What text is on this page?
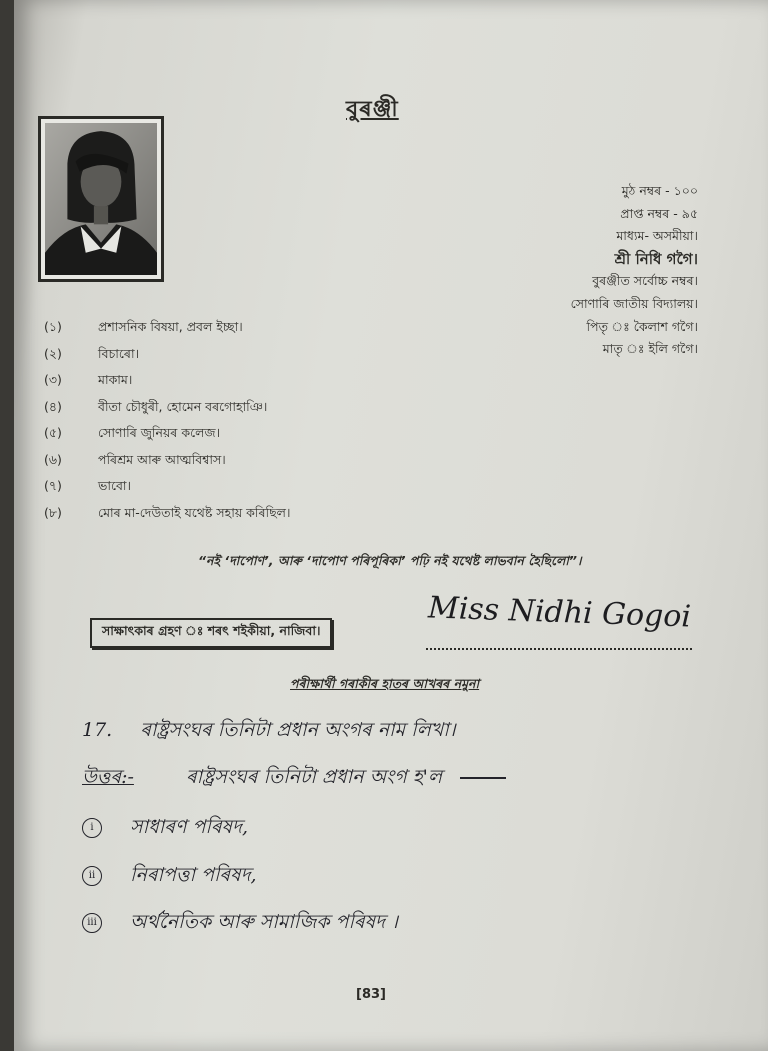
বুৰঞ্জী
মুঠ নম্বৰ - ১০০
প্ৰাপ্ত নম্বৰ - ৯৫
মাধ্যম- অসমীয়া।
শ্ৰী নিধি গগৈ।
বুৰঞ্জীত সৰ্বোচ্চ নম্বৰ।
সোণাৰি জাতীয় বিদ্যালয়।
পিতৃ ঃ কৈলাশ গগৈ।
মাতৃ ঃ ইলি গগৈ।
(১)	প্ৰশাসনিক বিষয়া, প্ৰবল ইচ্ছা।
(২)	বিচাৰো।
(৩)	মাকাম।
(৪)	বীতা চৌধুৰী, হোমেন বৰগোহাঞি।
(৫)	সোণাৰি জুনিয়ৰ কলেজ।
(৬)	পৰিশ্ৰম আৰু আত্মবিশ্বাস।
(৭)	ভাবো।
(৮)	মোৰ মা-দেউতাই যথেষ্ট সহায় কৰিছিল।
“নই ‘দাপোণ’, আৰু ‘দাপোণ পৰিপূৰিকা’ পঢ়ি নই যথেষ্ট লাভবান হৈছিলো”।
সাক্ষাৎকাৰ গ্ৰহণ ঃ শৰৎ শইকীয়া, নাজিবা।	Miss Nidhi Gogoi
পৰীক্ষাৰ্থী গৰাকীৰ হাতৰ আখৰৰ নমুনা
17. ৰাষ্ট্ৰসংঘৰ তিনিটা প্ৰধান অংগৰ নাম লিখা।
উত্তৰ:-	ৰাষ্ট্ৰসংঘৰ তিনিটা প্ৰধান অংগ হ'ল
i সাধাৰণ পৰিষদ,
ii নিৰাপত্তা পৰিষদ,
iii অৰ্থনৈতিক আৰু সামাজিক পৰিষদ ।
[83]
